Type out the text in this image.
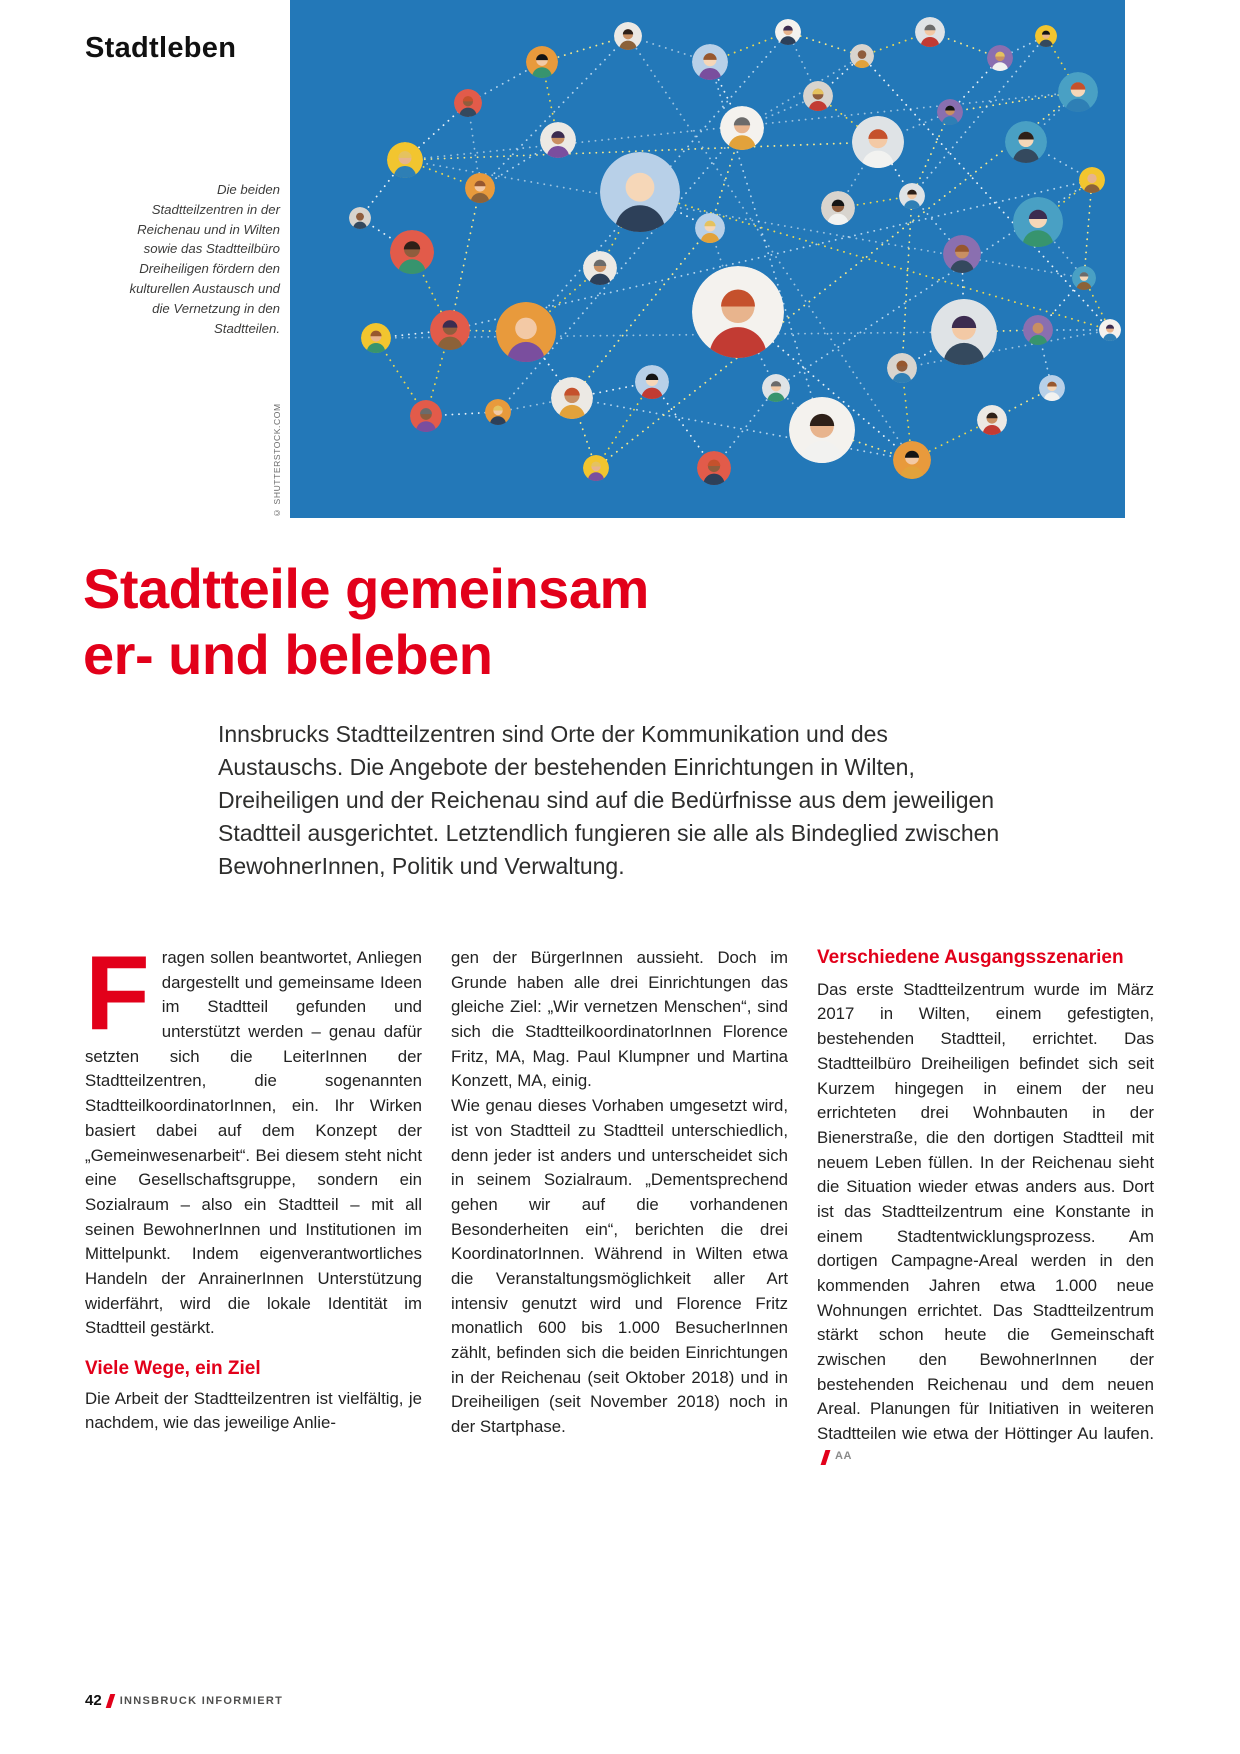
Stadtleben
Die beiden Stadtteilzentren in der Reichenau und in Wilten sowie das Stadtteilbüro Dreiheiligen fördern den kulturellen Austausch und die Vernetzung in den Stadtteilen.
© SHUTTERSTOCK.COM
Stadtteile gemeinsam
er- und beleben
Innsbrucks Stadtteilzentren sind Orte der Kommunikation und des Austauschs. Die Angebote der bestehenden Einrichtungen in Wilten, Dreiheiligen und der Reichenau sind auf die Bedürfnisse aus dem jeweiligen Stadtteil ausgerichtet. Letztendlich fungieren sie alle als Bindeglied zwischen BewohnerInnen, Politik und Verwaltung.

Fragen sollen beantwortet, Anliegen dargestellt und gemeinsame Ideen im Stadtteil gefunden und unterstützt werden – genau dafür setzten sich die LeiterInnen der Stadtteilzentren, die sogenannten StadtteilkoordinatorInnen, ein. Ihr Wirken basiert dabei auf dem Konzept der „Gemeinwesenarbeit“. Bei diesem steht nicht eine Gesellschaftsgruppe, sondern ein Sozialraum – also ein Stadtteil – mit all seinen BewohnerInnen und Institutionen im Mittelpunkt. Indem eigenverantwortliches Handeln der AnrainerInnen Unterstützung widerfährt, wird die lokale Identität im Stadtteil gestärkt.

Viele Wege, ein Ziel

Die Arbeit der Stadtteilzentren ist vielfältig, je nachdem, wie das jeweilige Anlie-

gen der BürgerInnen aussieht. Doch im Grunde haben alle drei Einrichtungen das gleiche Ziel: „Wir vernetzen Menschen“, sind sich die StadtteilkoordinatorInnen Florence Fritz, MA, Mag. Paul Klumpner und Martina Konzett, MA, einig.

Wie genau dieses Vorhaben umgesetzt wird, ist von Stadtteil zu Stadtteil unterschiedlich, denn jeder ist anders und unterscheidet sich in seinem Sozialraum. „Dementsprechend gehen wir auf die vorhandenen Besonderheiten ein“, berichten die drei KoordinatorInnen. Während in Wilten etwa die Veranstaltungsmöglichkeit aller Art intensiv genutzt wird und Florence Fritz monatlich 600 bis 1.000 BesucherInnen zählt, befinden sich die beiden Einrichtungen in der Reichenau (seit Oktober 2018) und in Dreiheiligen (seit November 2018) noch in der Startphase.

Verschiedene Ausgangsszenarien

Das erste Stadtteilzentrum wurde im März 2017 in Wilten, einem gefestigten, bestehenden Stadtteil, errichtet. Das Stadtteilbüro Dreiheiligen befindet sich seit Kurzem hingegen in einem der neu errichteten drei Wohnbauten in der Bienerstraße, die den dortigen Stadtteil mit neuem Leben füllen. In der Reichenau sieht die Situation wieder etwas anders aus. Dort ist das Stadtteilzentrum eine Konstante in einem Stadtentwicklungsprozess. Am dortigen Campagne-Areal werden in den kommenden Jahren etwa 1.000 neue Wohnungen errichtet. Das Stadtteilzentrum stärkt schon heute die Gemeinschaft zwischen den BewohnerInnen der bestehenden Reichenau und dem neuen Areal. Planungen für Initiativen in weiteren Stadtteilen wie etwa der Höttinger Au laufen.$^{AA}$

42 INNSBRUCK INFORMIERT
